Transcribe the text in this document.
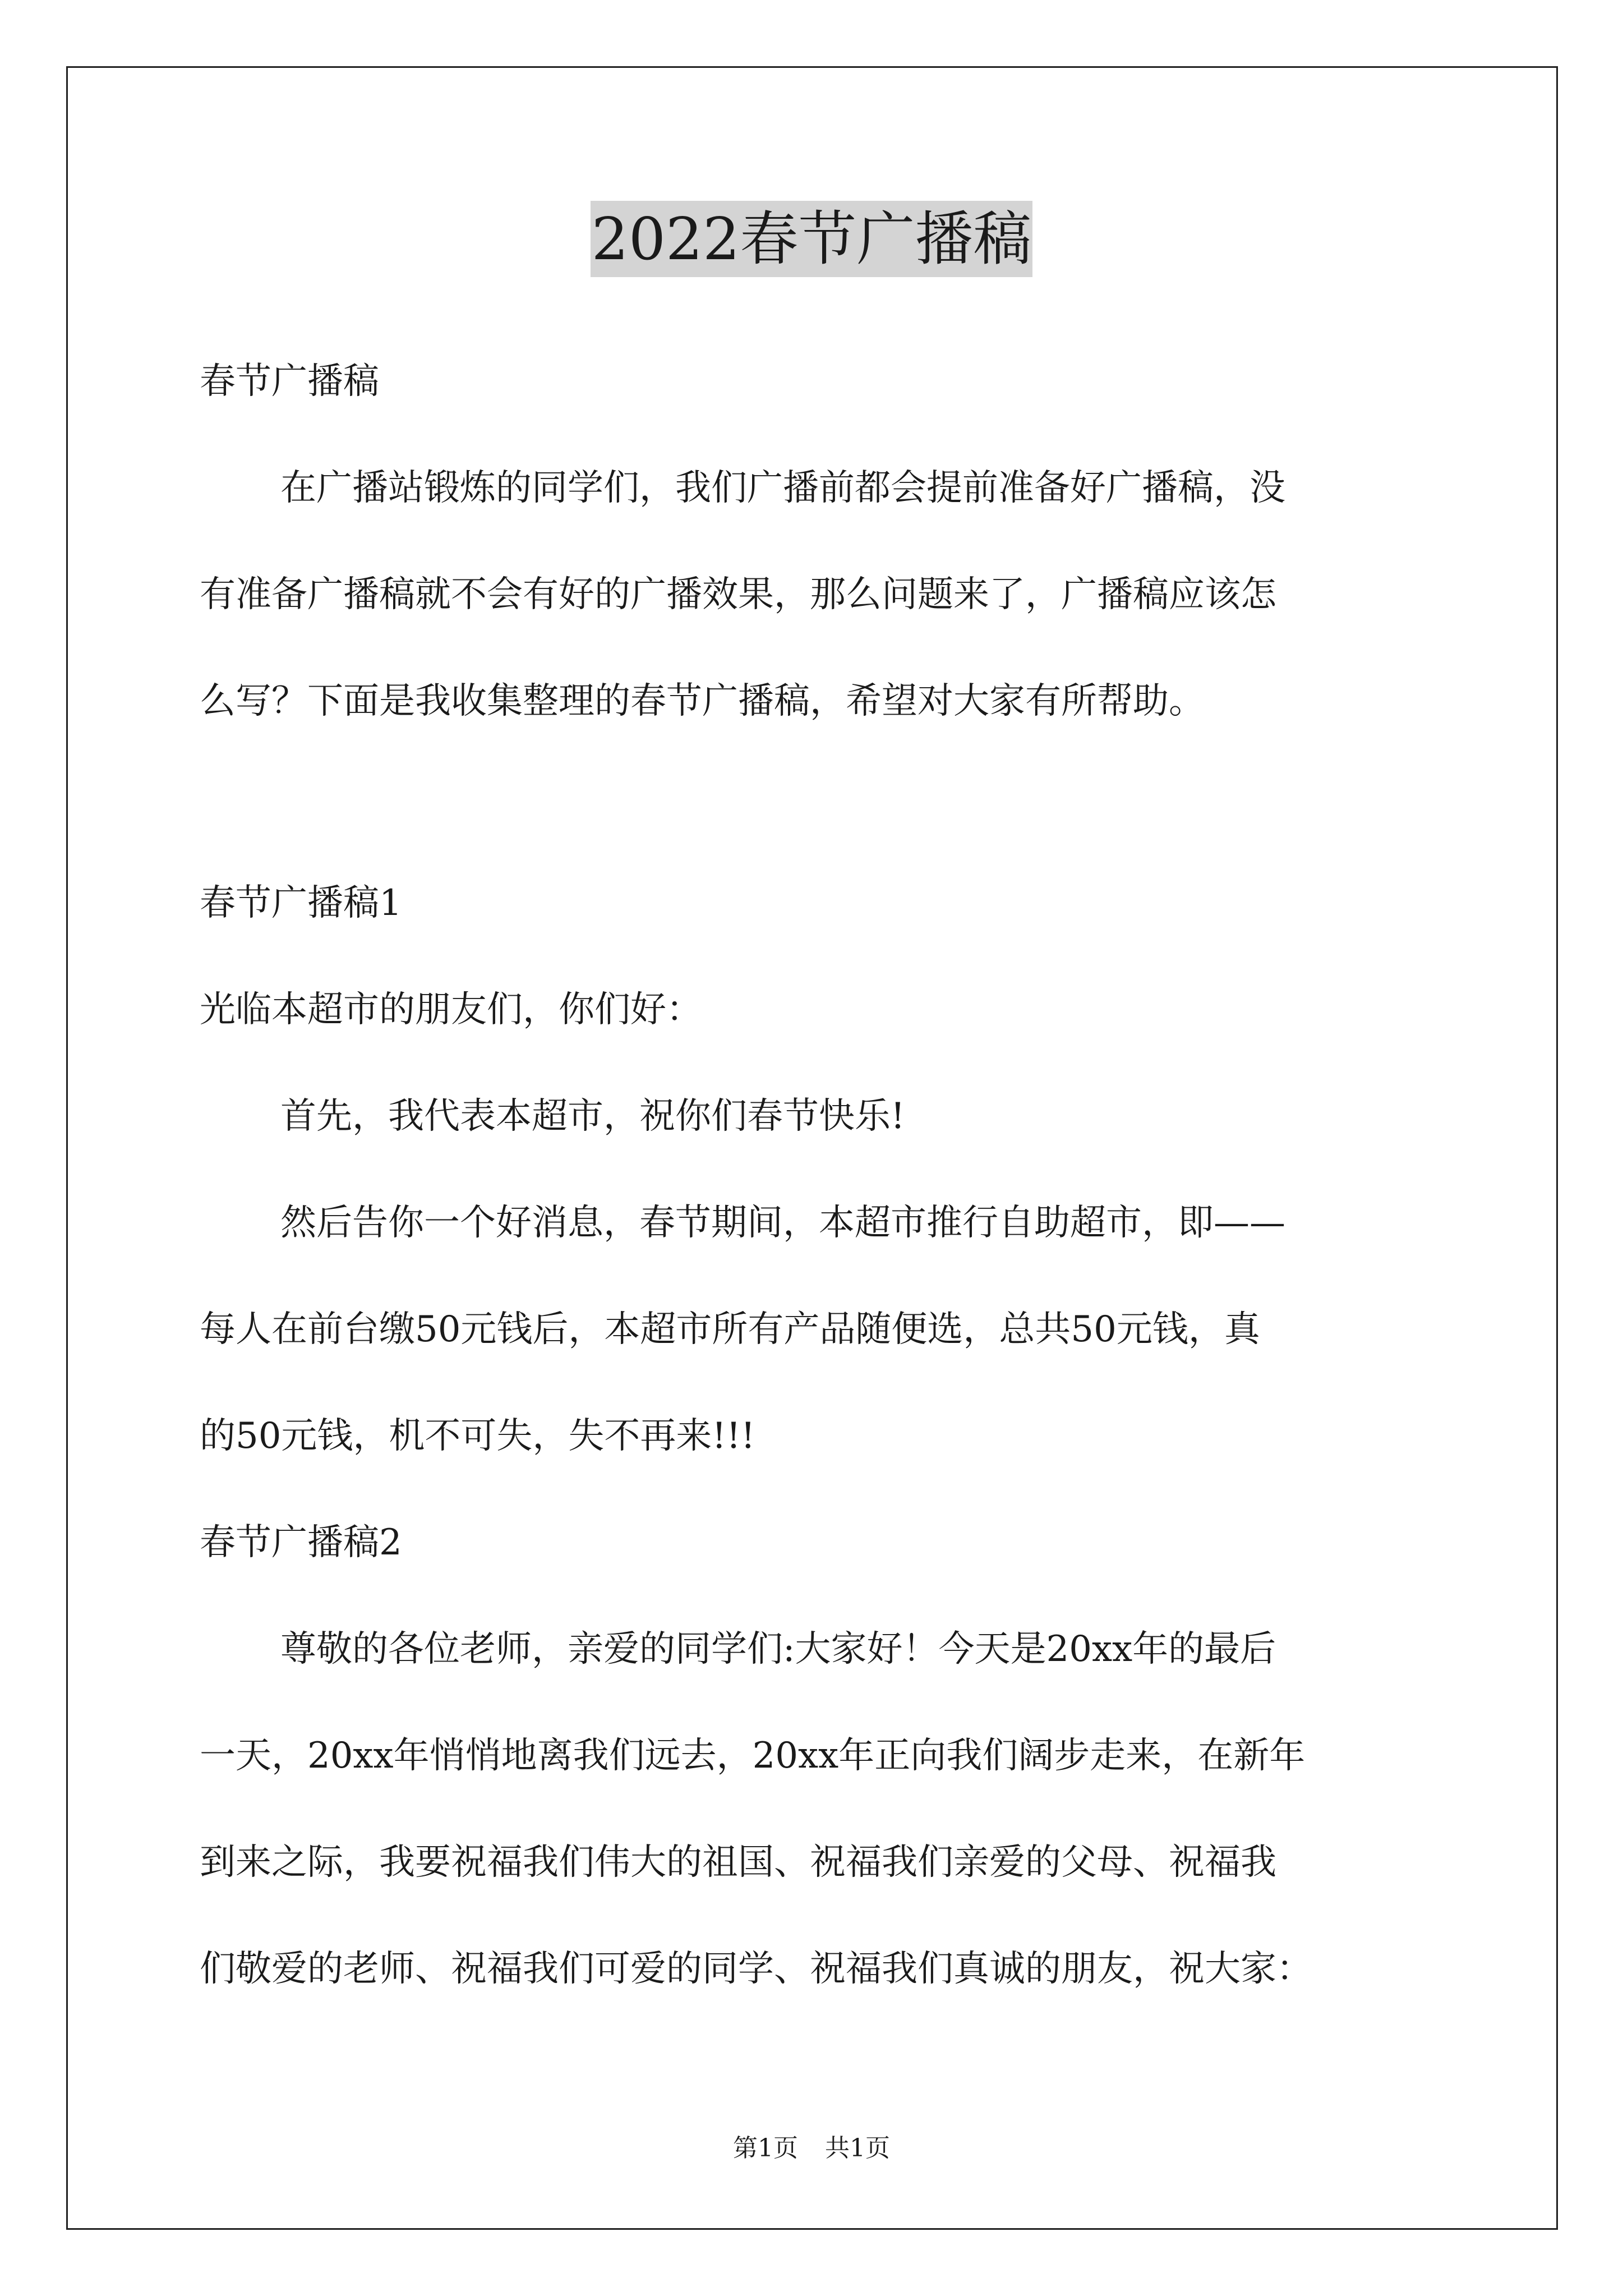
2022春节广播稿
春节广播稿
在广播站锻炼的同学们，我们广播前都会提前准备好广播稿，没
有准备广播稿就不会有好的广播效果，那么问题来了，广播稿应该怎
么写？下面是我收集整理的春节广播稿，希望对大家有所帮助。
春节广播稿1
光临本超市的朋友们，你们好：
首先，我代表本超市，祝你们春节快乐!
然后告你一个好消息，春节期间，本超市推行自助超市，即——
每人在前台缴50元钱后，本超市所有产品随便选，总共50元钱，真
的50元钱，机不可失，失不再来!!!
春节广播稿2
尊敬的各位老师，亲爱的同学们:大家好！今天是20xx年的最后
一天，20xx年悄悄地离我们远去，20xx年正向我们阔步走来，在新年
到来之际，我要祝福我们伟大的祖国、祝福我们亲爱的父母、祝福我
们敬爱的老师、祝福我们可爱的同学、祝福我们真诚的朋友，祝大家：
第1页 共1页
